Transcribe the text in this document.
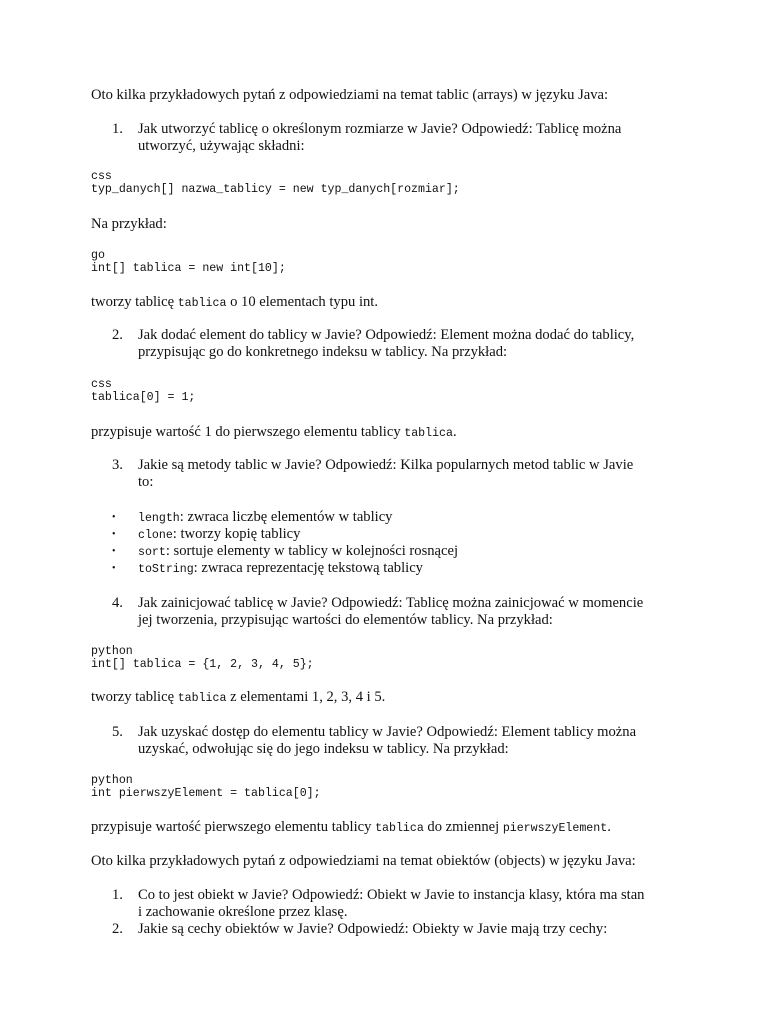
Oto kilka przykładowych pytań z odpowiedziami na temat tablic (arrays) w języku Java:

1.	Jak utworzyć tablicę o określonym rozmiarze w Javie? Odpowiedź: Tablicę można
utworzyć, używając składni:
css
typ_danych[] nazwa_tablicy = new typ_danych[rozmiar];

Na przykład:

go
int[] tablica = new int[10];

tworzy tablicę tablica o 10 elementach typu int.

2.	Jak dodać element do tablicy w Javie? Odpowiedź: Element można dodać do tablicy,
przypisując go do konkretnego indeksu w tablicy. Na przykład:
css
tablica[0] = 1;

przypisuje wartość 1 do pierwszego elementu tablicy tablica.

3.	Jakie są metody tablic w Javie? Odpowiedź: Kilka popularnych metod tablic w Javie
to:
•	length: zwraca liczbę elementów w tablicy
•	clone: tworzy kopię tablicy
•	sort: sortuje elementy w tablicy w kolejności rosnącej
•	toString: zwraca reprezentację tekstową tablicy
4.	Jak zainicjować tablicę w Javie? Odpowiedź: Tablicę można zainicjować w momencie
jej tworzenia, przypisując wartości do elementów tablicy. Na przykład:
python
int[] tablica = {1, 2, 3, 4, 5};

tworzy tablicę tablica z elementami 1, 2, 3, 4 i 5.

5.	Jak uzyskać dostęp do elementu tablicy w Javie? Odpowiedź: Element tablicy można
uzyskać, odwołując się do jego indeksu w tablicy. Na przykład:
python
int pierwszyElement = tablica[0];

przypisuje wartość pierwszego elementu tablicy tablica do zmiennej pierwszyElement.

Oto kilka przykładowych pytań z odpowiedziami na temat obiektów (objects) w języku Java:

1.	Co to jest obiekt w Javie? Odpowiedź: Obiekt w Javie to instancja klasy, która ma stan
i zachowanie określone przez klasę.
2.	Jakie są cechy obiektów w Javie? Odpowiedź: Obiekty w Javie mają trzy cechy:
